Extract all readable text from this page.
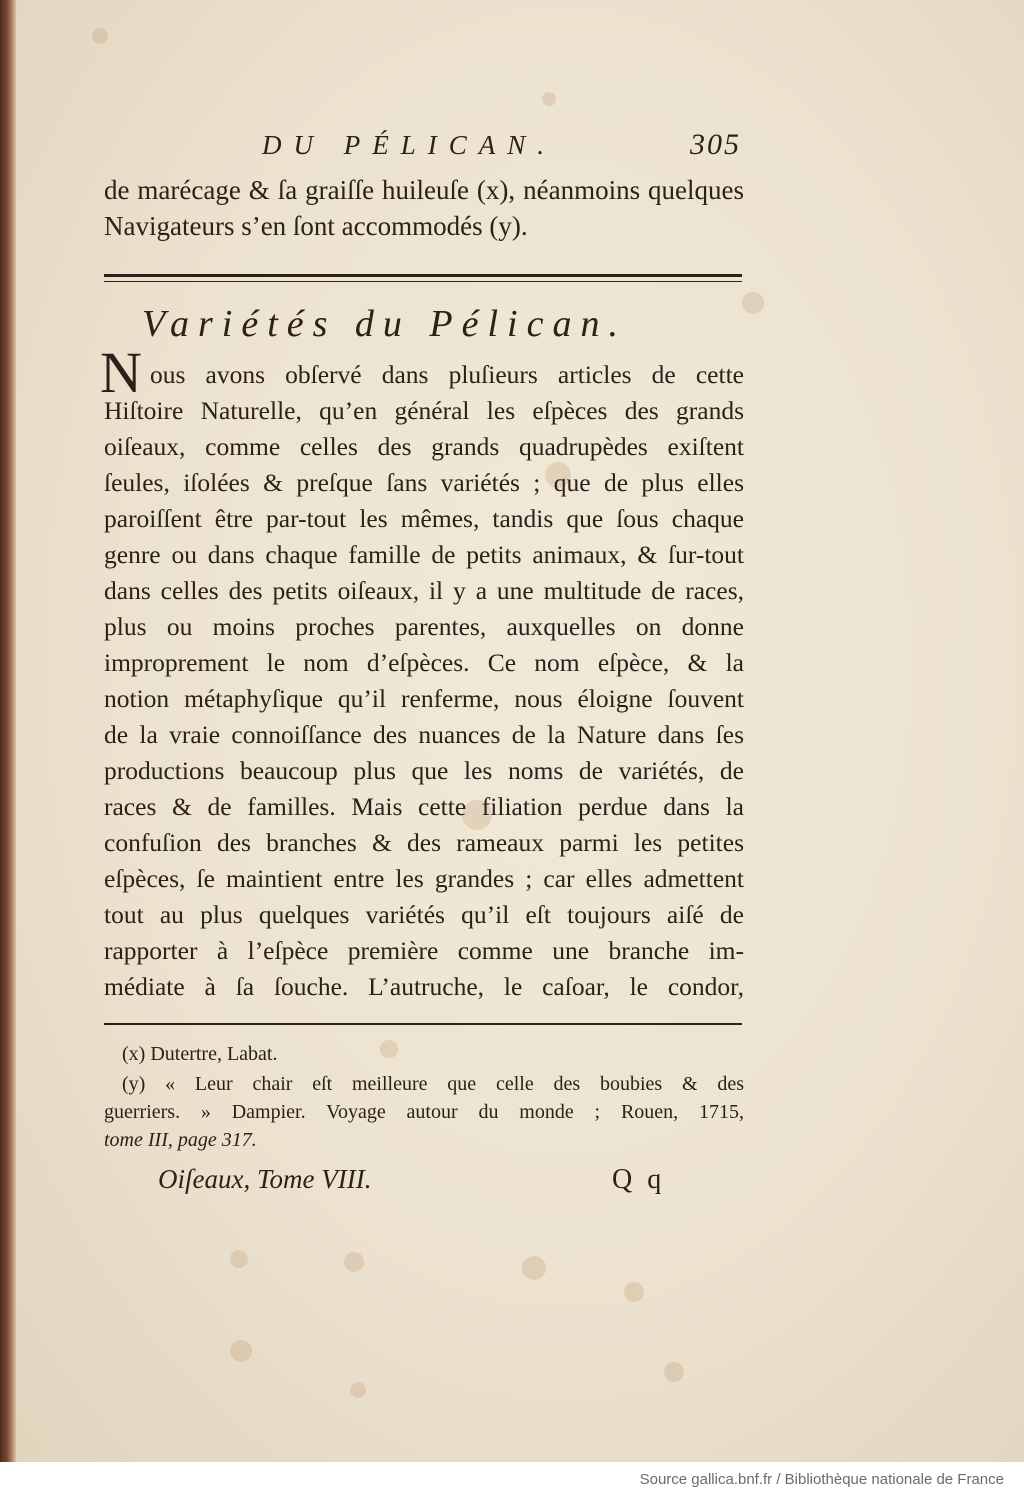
DU PÉLICAN.	305
de marécage & ſa graiſſe huileuſe (x), néanmoins quelques
Navigateurs s’en ſont accommodés (y).
Variétés du Pélican.
N ous avons obſervé dans pluſieurs articles de cette
Hiſtoire Naturelle, qu’en général les eſpèces des grands
oiſeaux, comme celles des grands quadrupèdes exiſtent
ſeules, iſolées & preſque ſans variétés ; que de plus elles
paroiſſent être par-tout les mêmes, tandis que ſous chaque
genre ou dans chaque famille de petits animaux, & ſur-tout
dans celles des petits oiſeaux, il y a une multitude de races,
plus ou moins proches parentes, auxquelles on donne
improprement le nom d’eſpèces. Ce nom eſpèce, & la
notion métaphyſique qu’il renferme, nous éloigne ſouvent
de la vraie connoiſſance des nuances de la Nature dans ſes
productions beaucoup plus que les noms de variétés, de
races & de familles. Mais cette filiation perdue dans la
confuſion des branches & des rameaux parmi les petites
eſpèces, ſe maintient entre les grandes ; car elles admettent
tout au plus quelques variétés qu’il eſt toujours aiſé de
rapporter à l’eſpèce première comme une branche im-
médiate à ſa ſouche. L’autruche, le caſoar, le condor,
(x) Dutertre, Labat.
(y) « Leur chair eſt meilleure que celle des boubies & des
guerriers. » Dampier. Voyage autour du monde ; Rouen, 1715,
tome III, page 317.
Oiſeaux, Tome VIII.	Q q
Source gallica.bnf.fr / Bibliothèque nationale de France
